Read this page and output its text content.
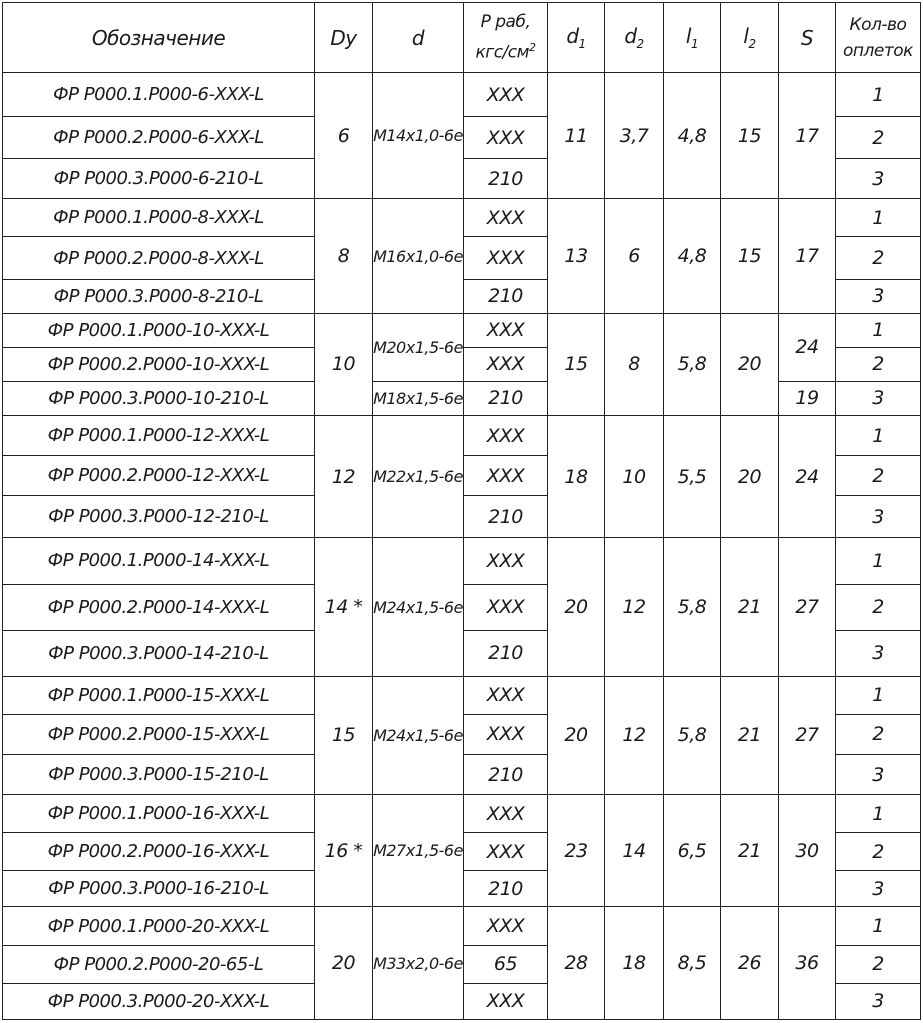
Обозначение	Dy	d	P раб,
кгс/$см^2$	$d_1$	$d_2$	$l_1$	$l_2$	S	Кол-во
оплеток
ФР Р000.1.Р000-6-XXX-L	6	M14x1,0-6e	XXX	11	3,7	4,8	15	17	1
ФР Р000.2.Р000-6-XXX-L			XXX						2
ФР Р000.3.Р000-6-210-L			210						3
ФР Р000.1.Р000-8-XXX-L	8	M16x1,0-6e	XXX	13	6	4,8	15	17	1
ФР Р000.2.Р000-8-XXX-L			XXX						2
ФР Р000.3.Р000-8-210-L			210						3
ФР Р000.1.Р000-10-XXX-L	10	M20x1,5-6e	XXX	15	8	5,8	20	24	1
ФР Р000.2.Р000-10-XXX-L			XXX						2
ФР Р000.3.Р000-10-210-L		M18x1,5-6e	210					19	3
ФР Р000.1.Р000-12-XXX-L	12	M22x1,5-6e	XXX	18	10	5,5	20	24	1
ФР Р000.2.Р000-12-XXX-L			XXX						2
ФР Р000.3.Р000-12-210-L			210						3
ФР Р000.1.Р000-14-XXX-L	14 *	M24x1,5-6e	XXX	20	12	5,8	21	27	1
ФР Р000.2.Р000-14-XXX-L			XXX						2
ФР Р000.3.Р000-14-210-L			210						3
ФР Р000.1.Р000-15-XXX-L	15	M24x1,5-6e	XXX	20	12	5,8	21	27	1
ФР Р000.2.Р000-15-XXX-L			XXX						2
ФР Р000.3.Р000-15-210-L			210						3
ФР Р000.1.Р000-16-XXX-L	16 *	M27x1,5-6e	XXX	23	14	6,5	21	30	1
ФР Р000.2.Р000-16-XXX-L			XXX						2
ФР Р000.3.Р000-16-210-L			210						3
ФР Р000.1.Р000-20-XXX-L	20	M33x2,0-6e	XXX	28	18	8,5	26	36	1
ФР Р000.2.Р000-20-65-L			65						2
ФР Р000.3.Р000-20-XXX-L			XXX						3
